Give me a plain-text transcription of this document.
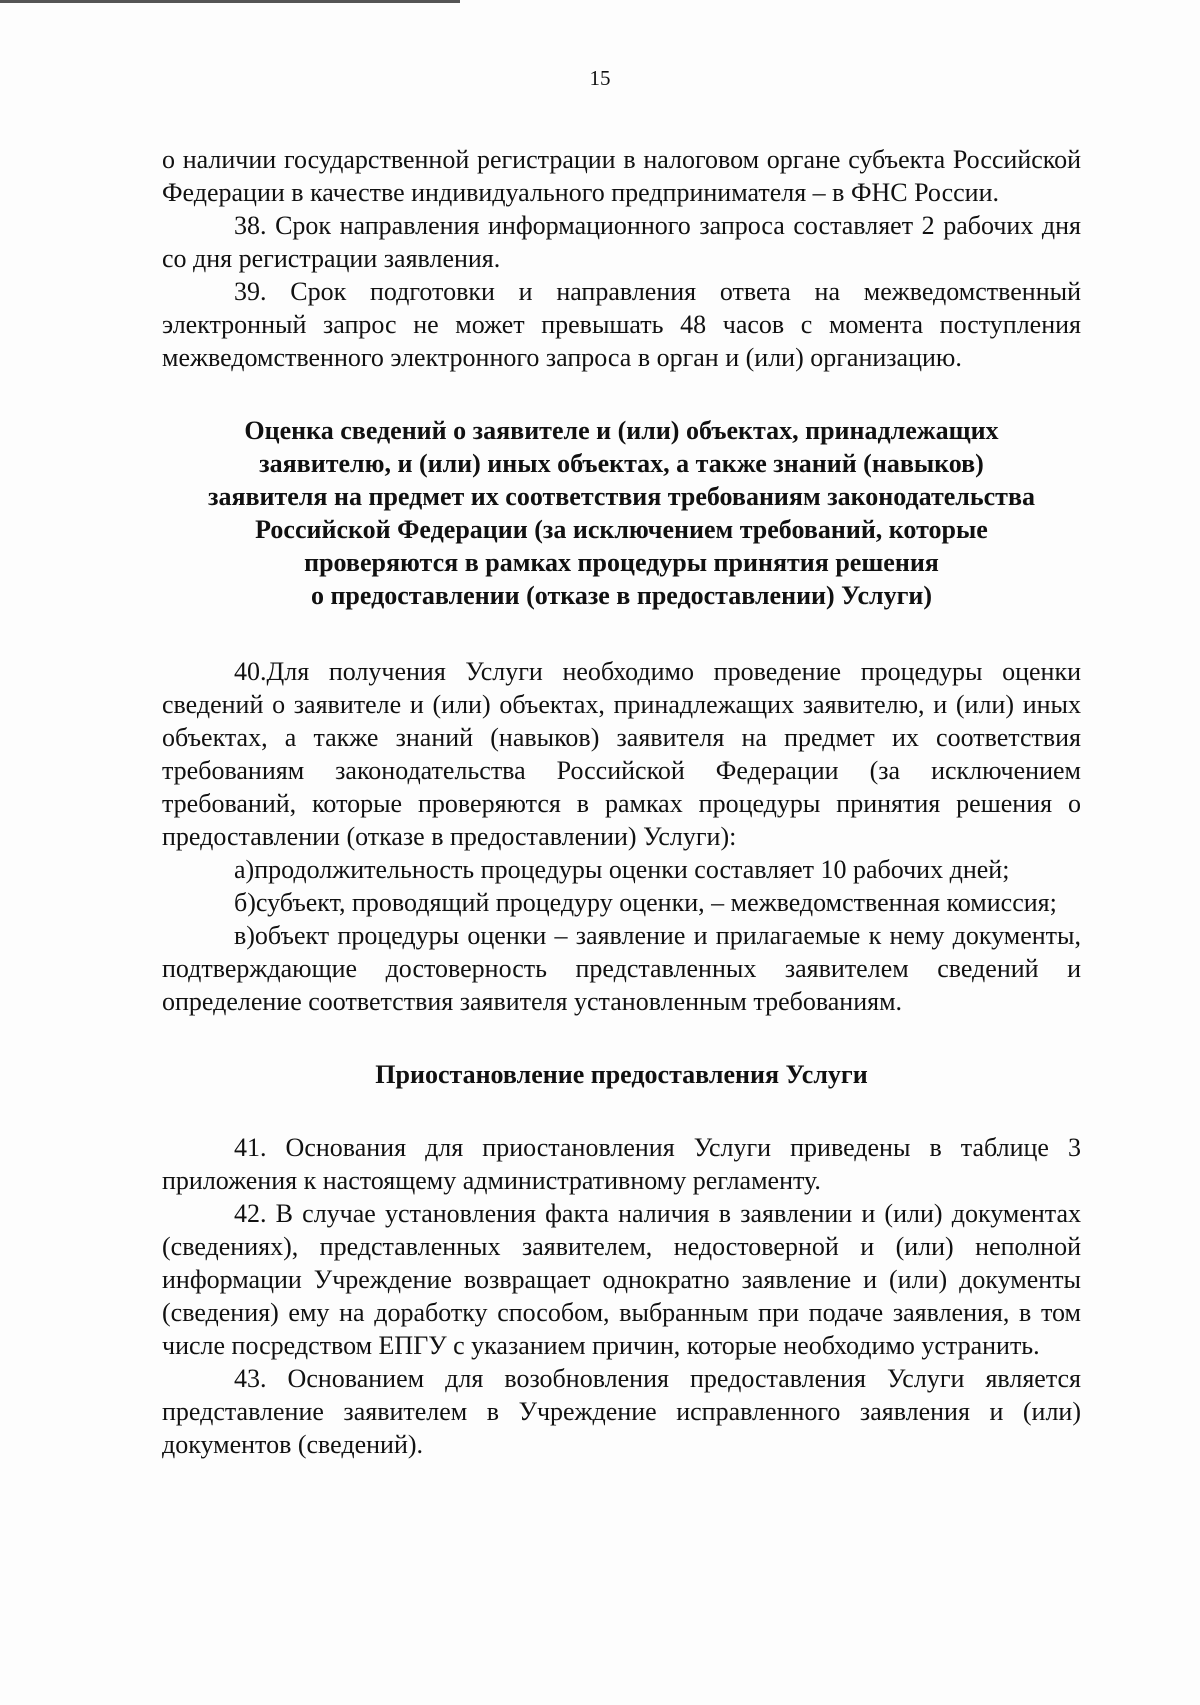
15

о наличии государственной регистрации в налоговом органе субъекта Российской Федерации в качестве индивидуального предпринимателя – в ФНС России.

38. Срок направления информационного запроса составляет 2 рабочих дня со дня регистрации заявления.

39. Срок подготовки и направления ответа на межведомственный электронный запрос не может превышать 48 часов с момента поступления межведомственного электронного запроса в орган и (или) организацию.

Оценка сведений о заявителе и (или) объектах, принадлежащих

заявителю, и (или) иных объектах, а также знаний (навыков)

заявителя на предмет их соответствия требованиям законодательства

Российской Федерации (за исключением требований, которые

проверяются в рамках процедуры принятия решения

о предоставлении (отказе в предоставлении) Услуги)

40.Для получения Услуги необходимо проведение процедуры оценки сведений о заявителе и (или) объектах, принадлежащих заявителю, и (или) иных объектах, а также знаний (навыков) заявителя на предмет их соответствия требованиям законодательства Российской Федерации (за исключением требований, которые проверяются в рамках процедуры принятия решения о предоставлении (отказе в предоставлении) Услуги):

а)продолжительность процедуры оценки составляет 10 рабочих дней;

б)субъект, проводящий процедуру оценки, – межведомственная комиссия;

в)объект процедуры оценки – заявление и прилагаемые к нему документы, подтверждающие достоверность представленных заявителем сведений и определение соответствия заявителя установленным требованиям.

Приостановление предоставления Услуги

41. Основания для приостановления Услуги приведены в таблице 3 приложения к настоящему административному регламенту.

42. В случае установления факта наличия в заявлении и (или) документах (сведениях), представленных заявителем, недостоверной и (или) неполной информации Учреждение возвращает однократно заявление и (или) документы (сведения) ему на доработку способом, выбранным при подаче заявления, в том числе посредством ЕПГУ с указанием причин, которые необходимо устранить.

43. Основанием для возобновления предоставления Услуги является представление заявителем в Учреждение исправленного заявления и (или) документов (сведений).
